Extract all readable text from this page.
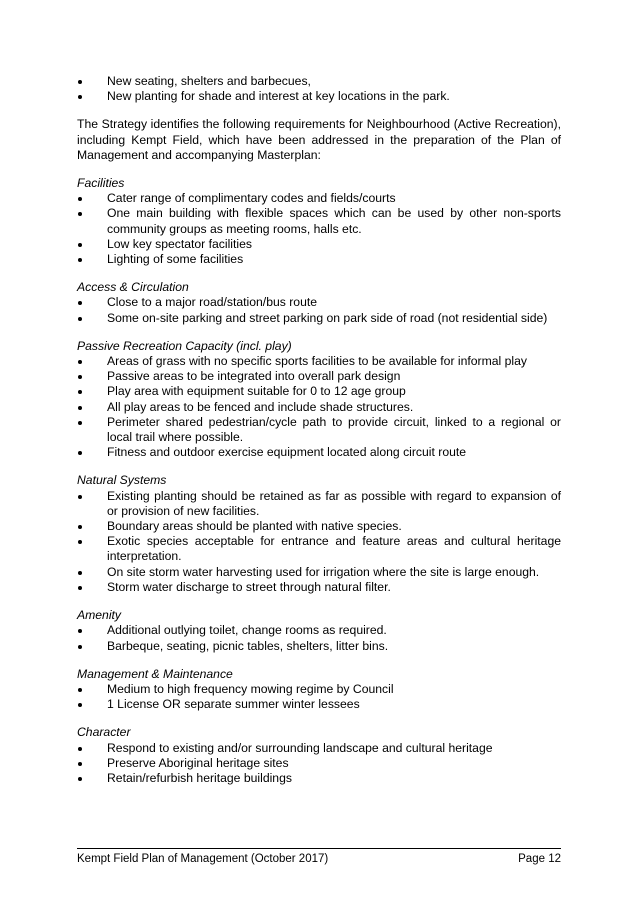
New seating, shelters and barbecues,
New planting for shade and interest at key locations in the park.

The Strategy identifies the following requirements for Neighbourhood (Active Recreation), including Kempt Field, which have been addressed in the preparation of the Plan of Management and accompanying Masterplan:

Facilities

Cater range of complimentary codes and fields/courts
One main building with flexible spaces which can be used by other non-sports community groups as meeting rooms, halls etc.
Low key spectator facilities
Lighting of some facilities

Access & Circulation

Close to a major road/station/bus route
Some on-site parking and street parking on park side of road (not residential side)

Passive Recreation Capacity (incl. play)

Areas of grass with no specific sports facilities to be available for informal play
Passive areas to be integrated into overall park design
Play area with equipment suitable for 0 to 12 age group
All play areas to be fenced and include shade structures.
Perimeter shared pedestrian/cycle path to provide circuit, linked to a regional or local trail where possible.
Fitness and outdoor exercise equipment located along circuit route

Natural Systems

Existing planting should be retained as far as possible with regard to expansion of or provision of new facilities.
Boundary areas should be planted with native species.
Exotic species acceptable for entrance and feature areas and cultural heritage interpretation.
On site storm water harvesting used for irrigation where the site is large enough.
Storm water discharge to street through natural filter.

Amenity

Additional outlying toilet, change rooms as required.
Barbeque, seating, picnic tables, shelters, litter bins.

Management & Maintenance

Medium to high frequency mowing regime by Council
1 License OR separate summer winter lessees

Character

Respond to existing and/or surrounding landscape and cultural heritage
Preserve Aboriginal heritage sites
Retain/refurbish heritage buildings
Kempt Field Plan of Management (October 2017)	Page 12
